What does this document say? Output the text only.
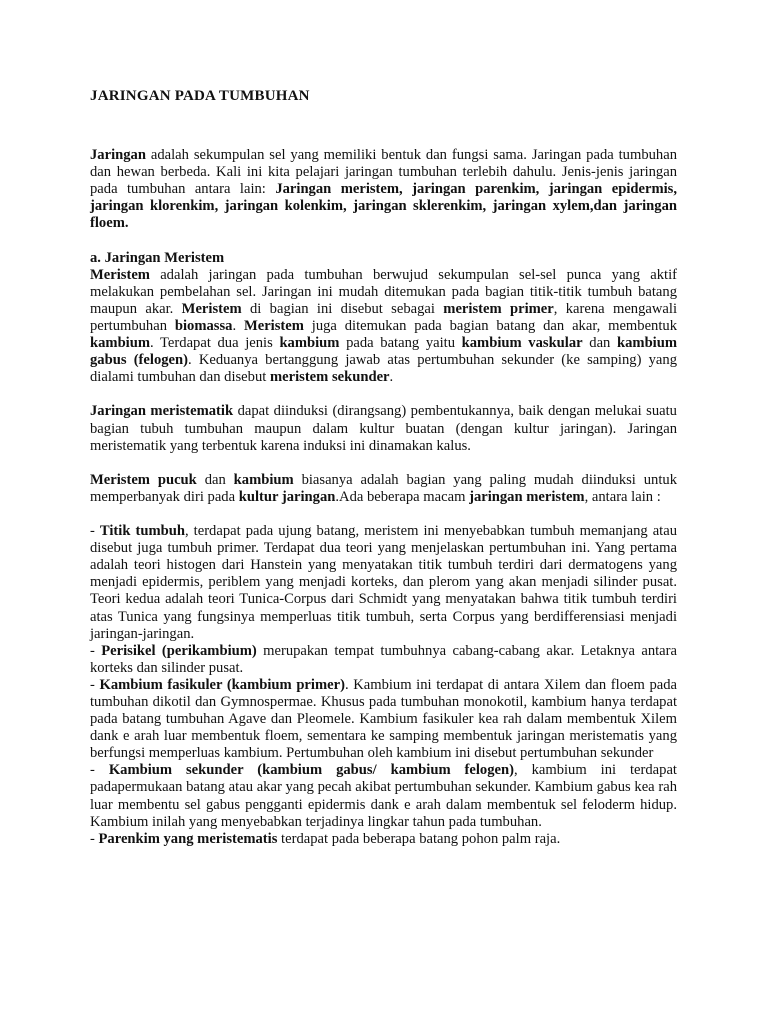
JARINGAN PADA TUMBUHAN

Jaringan adalah sekumpulan sel yang memiliki bentuk dan fungsi sama. Jaringan pada tumbuhan dan hewan berbeda. Kali ini kita pelajari jaringan tumbuhan terlebih dahulu. Jenis-jenis jaringan pada tumbuhan antara lain: Jaringan meristem, jaringan parenkim, jaringan epidermis, jaringan klorenkim, jaringan kolenkim, jaringan sklerenkim, jaringan xylem,dan jaringan floem.

a. Jaringan Meristem
Meristem adalah jaringan pada tumbuhan berwujud sekumpulan sel-sel punca yang aktif melakukan pembelahan sel. Jaringan ini mudah ditemukan pada bagian titik-titik tumbuh batang maupun akar. Meristem di bagian ini disebut sebagai meristem primer, karena mengawali pertumbuhan biomassa. Meristem juga ditemukan pada bagian batang dan akar, membentuk kambium. Terdapat dua jenis kambium pada batang yaitu kambium vaskular dan kambium gabus (felogen). Keduanya bertanggung jawab atas pertumbuhan sekunder (ke samping) yang dialami tumbuhan dan disebut meristem sekunder.

Jaringan meristematik dapat diinduksi (dirangsang) pembentukannya, baik dengan melukai suatu bagian tubuh tumbuhan maupun dalam kultur buatan (dengan kultur jaringan). Jaringan meristematik yang terbentuk karena induksi ini dinamakan kalus.

Meristem pucuk dan kambium biasanya adalah bagian yang paling mudah diinduksi untuk memperbanyak diri pada kultur jaringan.Ada beberapa macam jaringan meristem, antara lain :

- Titik tumbuh, terdapat pada ujung batang, meristem ini menyebabkan tumbuh memanjang atau disebut juga tumbuh primer. Terdapat dua teori yang menjelaskan pertumbuhan ini. Yang pertama adalah teori histogen dari Hanstein yang menyatakan titik tumbuh terdiri dari dermatogens yang menjadi epidermis, periblem yang menjadi korteks, dan plerom yang akan menjadi silinder pusat. Teori kedua adalah teori Tunica-Corpus dari Schmidt yang menyatakan bahwa titik tumbuh terdiri atas Tunica yang fungsinya memperluas titik tumbuh, serta Corpus yang berdifferensiasi menjadi jaringan-jaringan.

- Perisikel (perikambium) merupakan tempat tumbuhnya cabang-cabang akar. Letaknya antara korteks dan silinder pusat.

- Kambium fasikuler (kambium primer). Kambium ini terdapat di antara Xilem dan floem pada tumbuhan dikotil dan Gymnospermae. Khusus pada tumbuhan monokotil, kambium hanya terdapat pada batang tumbuhan Agave dan Pleomele. Kambium fasikuler kea rah dalam membentuk Xilem dank e arah luar membentuk floem, sementara ke samping membentuk jaringan meristematis yang berfungsi memperluas kambium. Pertumbuhan oleh kambium ini disebut pertumbuhan sekunder

- Kambium sekunder (kambium gabus/ kambium felogen), kambium ini terdapat padapermukaan batang atau akar yang pecah akibat pertumbuhan sekunder. Kambium gabus kea rah luar membentu sel gabus pengganti epidermis dank e arah dalam membentuk sel feloderm hidup. Kambium inilah yang menyebabkan terjadinya lingkar tahun pada tumbuhan.

- Parenkim yang meristematis terdapat pada beberapa batang pohon palm raja.
